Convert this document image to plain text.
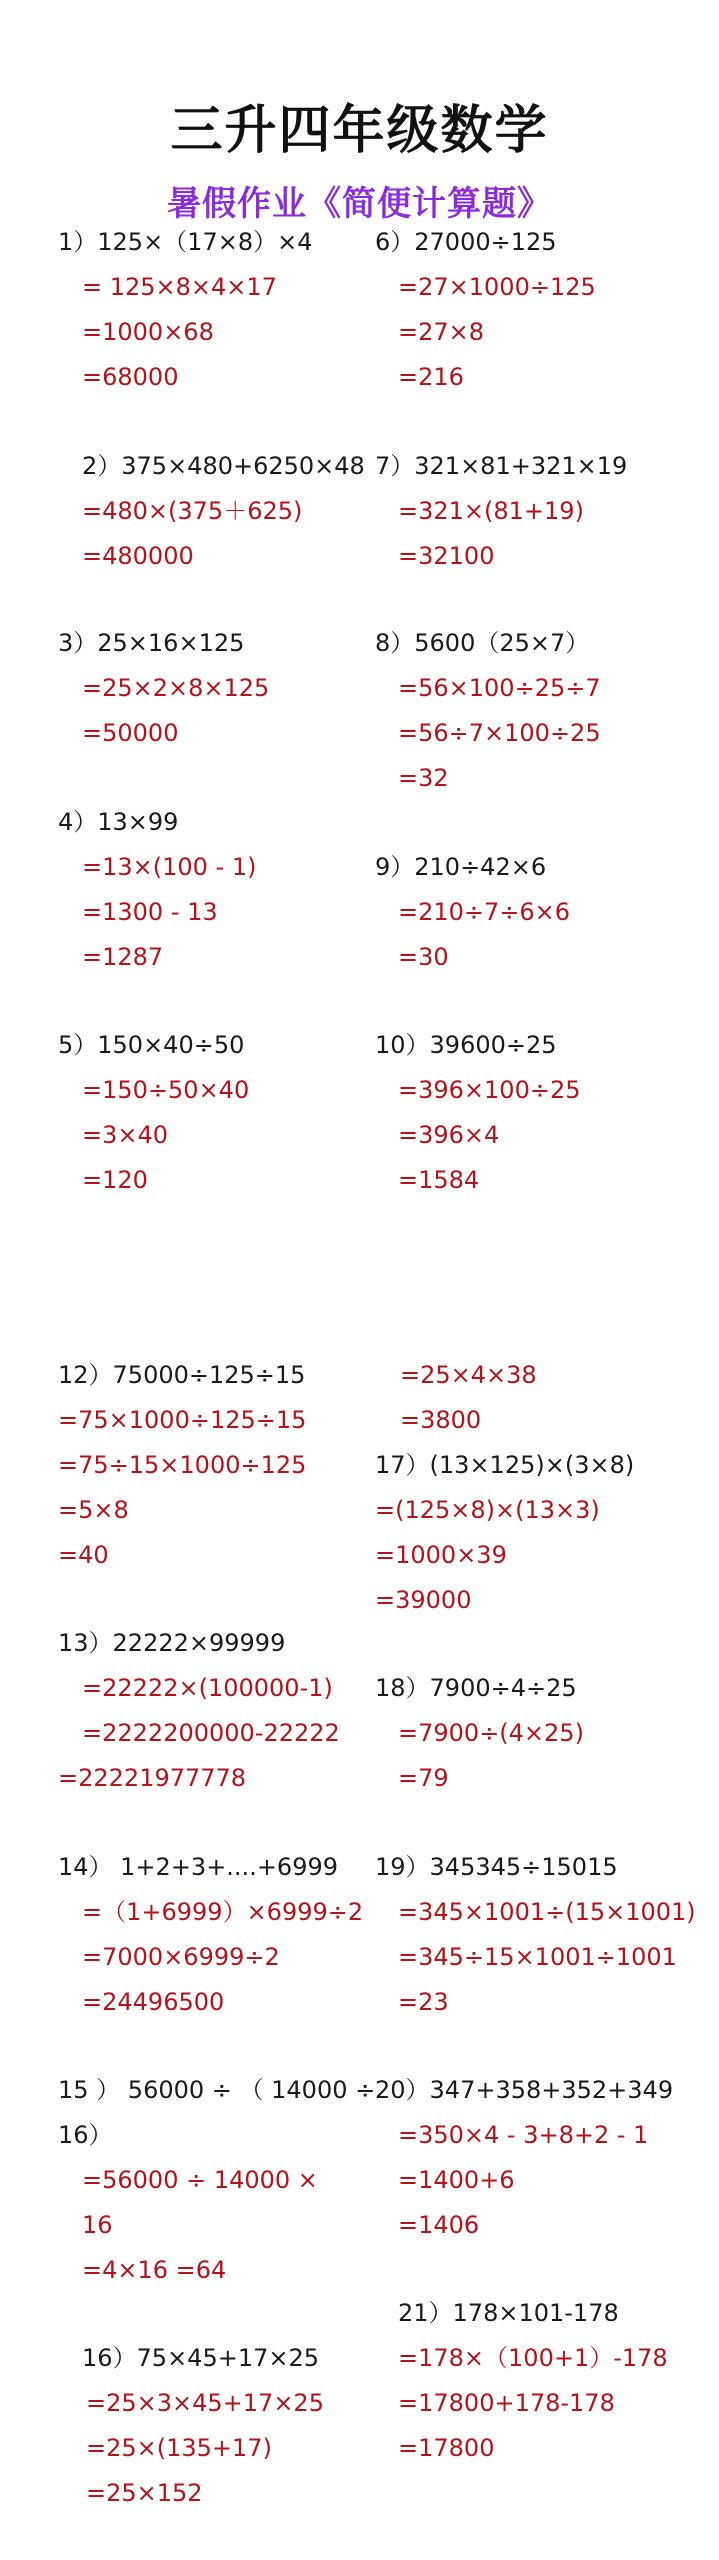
三升四年级数学
暑假作业《简便计算题》
1）125×（17×8）×4
= 125×8×4×17
=1000×68
=68000
6）27000÷125
=27×1000÷125
=27×8
=216
2）375×480+6250×48
=480×(375＋625)
=480000
7）321×81+321×19
=321×(81+19)
=32100
3）25×16×125
=25×2×8×125
=50000
8）5600（25×7）
=56×100÷25÷7
=56÷7×100÷25
=32
4）13×99
=13×(100 - 1)
=1300 - 13
=1287
9）210÷42×6
=210÷7÷6×6
=30
5）150×40÷50
=150÷50×40
=3×40
=120
10）39600÷25
=396×100÷25
=396×4
=1584
12）75000÷125÷15
=75×1000÷125÷15
=75÷15×1000÷125
=5×8
=40
=25×4×38
=3800
17）(13×125)×(3×8)
=(125×8)×(13×3)
=1000×39
=39000
13）22222×99999
=22222×(100000-1)
=2222200000-22222
=22221977778
18）7900÷4÷25
=7900÷(4×25)
=79
14） 1+2+3+....+6999
=（1+6999）×6999÷2
=7000×6999÷2
=24496500
19）345345÷15015
=345×1001÷(15×1001)
=345÷15×1001÷1001
=23
15 ） 56000 ÷ （ 14000 ÷
16）
=56000 ÷ 14000 ×
16
=4×16 =64
20）347+358+352+349
=350×4 - 3+8+2 - 1
=1400+6
=1406
21）178×101-178
=178×（100+1）-178
=17800+178-178
=17800
16）75×45+17×25
=25×3×45+17×25
=25×(135+17)
=25×152
